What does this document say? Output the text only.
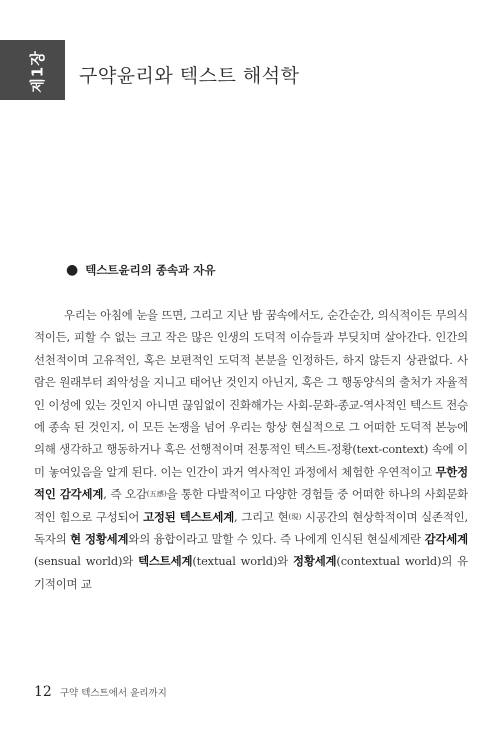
제1장 구약윤리와 텍스트 해석학
● 텍스트윤리의 종속과 자유
우리는 아침에 눈을 뜨면, 그리고 지난 밤 꿈속에서도, 순간순간, 의식적이든 무의식적이든, 피할 수 없는 크고 작은 많은 인생의 도덕적 이슈들과 부딪치며 살아간다. 인간의 선천적이며 고유적인, 혹은 보편적인 도덕적 본분을 인정하든, 하지 않든지 상관없다. 사람은 원래부터 죄악성을 지니고 태어난 것인지 아닌지, 혹은 그 행동양식의 출처가 자율적인 이성에 있는 것인지 아니면 끊임없이 진화해가는 사회-문화-종교-역사적인 텍스트 전승에 종속 된 것인지, 이 모든 논쟁을 넘어 우리는 항상 현실적으로 그 어떠한 도덕적 본능에 의해 생각하고 행동하거나 혹은 선행적이며 전통적인 텍스트-정황(text-context) 속에 이미 놓여있음을 알게 된다. 이는 인간이 과거 역사적인 과정에서 체험한 우연적이고 무한정적인 감각세계, 즉 오감(五感)을 통한 다발적이고 다양한 경험들 중 어떠한 하나의 사회문화적인 힘으로 구성되어 고정된 텍스트세계, 그리고 현(現) 시공간의 현상학적이며 실존적인, 독자의 현 정황세계와의 융합이라고 말할 수 있다. 즉 나에게 인식된 현실세계란 감각세계(sensual world)와 텍스트세계(textual world)와 정황세계(contextual world)의 유기적이며 교
12 구약 텍스트에서 윤리까지
